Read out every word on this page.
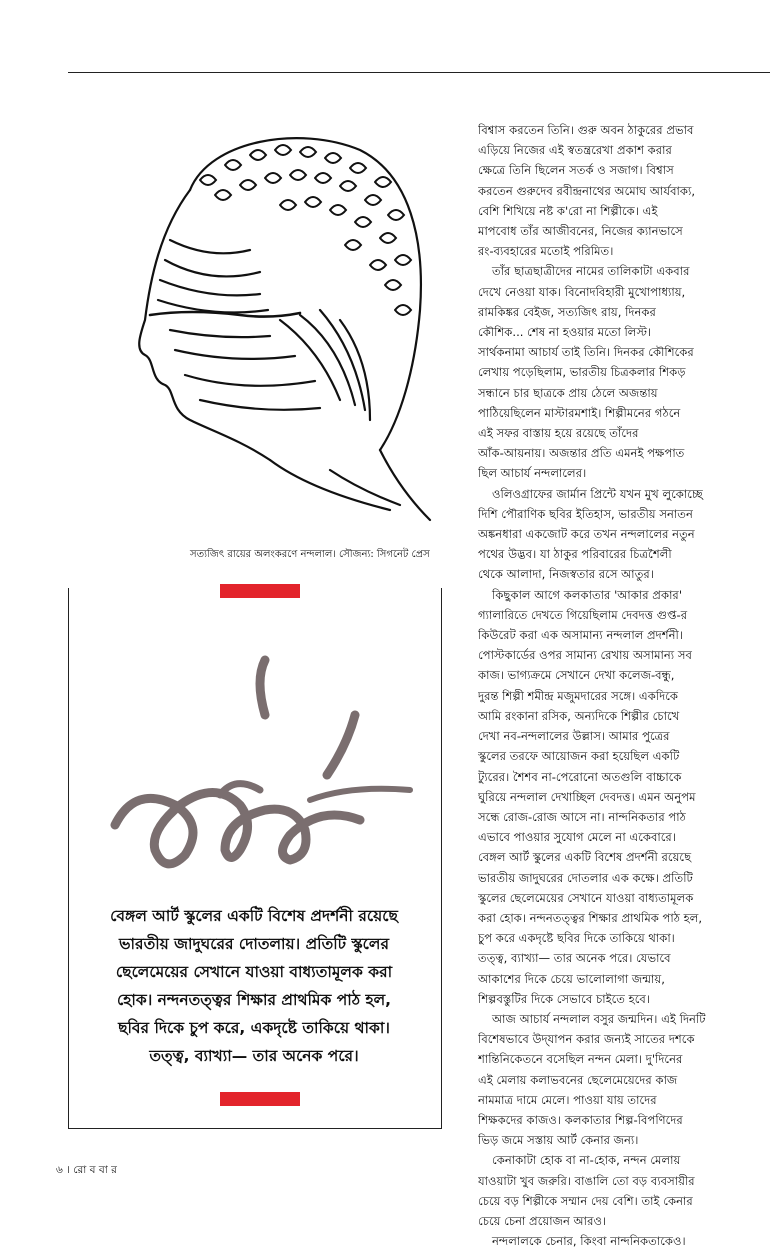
সত্যজিৎ রায়ের অলংকরণে নন্দলাল। সৌজন্য: সিগনেট প্রেস
বেঙ্গল আর্ট স্কুলের একটি বিশেষ প্রদর্শনী রয়েছে
ভারতীয় জাদুঘরের দোতলায়। প্রতিটি স্কুলের
ছেলেমেয়ের সেখানে যাওয়া বাধ্যতামূলক করা
হোক। নন্দনতত্ত্বর শিক্ষার প্রাথমিক পাঠ হল,
ছবির দিকে চুপ করে, একদৃষ্টে তাকিয়ে থাকা।
তত্ত্ব, ব্যাখ্যা— তার অনেক পরে।
বিশ্বাস করতেন তিনি। গুরু অবন ঠাকুরের প্রভাব
এড়িয়ে নিজের এই স্বতন্ত্ররেখা প্রকাশ করার
ক্ষেত্রে তিনি ছিলেন সতর্ক ও সজাগ। বিশ্বাস
করতেন গুরুদেব রবীন্দ্রনাথের অমোঘ আর্যবাক্য,
বেশি শিখিয়ে নষ্ট ক'রো না শিল্পীকে। এই
মাপবোধ তাঁর আজীবনের, নিজের ক্যানভাসে
রং-ব্যবহারের মতোই পরিমিত।
তাঁর ছাত্রছাত্রীদের নামের তালিকাটা একবার
দেখে নেওয়া যাক। বিনোদবিহারী মুখোপাধ্যায়,
রামকিঙ্কর বেইজ, সত্যজিৎ রায়, দিনকর
কৌশিক... শেষ না হওয়ার মতো লিস্ট।
সার্থকনামা আচার্য তাই তিনি। দিনকর কৌশিকের
লেখায় পড়েছিলাম, ভারতীয় চিত্রকলার শিকড়
সন্ধানে চার ছাত্রকে প্রায় ঠেলে অজন্তায়
পাঠিয়েছিলেন মাস্টারমশাই। শিল্পীমনের গঠনে
এই সফর বাস্তায় হয়ে রয়েছে তাঁদের
আঁক-আয়নায়। অজন্তার প্রতি এমনই পক্ষপাত
ছিল আচার্য নন্দলালের।
ওলিওগ্রাফের জার্মান প্রিন্টে যখন মুখ লুকোচ্ছে
দিশি পৌরাণিক ছবির ইতিহাস, ভারতীয় সনাতন
অঙ্কনধারা একজোট করে তখন নন্দলালের নতুন
পথের উদ্ভব। যা ঠাকুর পরিবারের চিত্রশৈলী
থেকে আলাদা, নিজস্বতার রসে আতুর।
কিছুকাল আগে কলকাতার 'আকার প্রকার'
গ্যালারিতে দেখতে গিয়েছিলাম দেবদত্ত গুপ্ত-র
কিউরেট করা এক অসামান্য নন্দলাল প্রদর্শনী।
পোস্টকার্ডের ওপর সামান্য রেখায় অসামান্য সব
কাজ। ভাগ্যক্রমে সেখানে দেখা কলেজ-বন্ধু,
দুরন্ত শিল্পী শমীন্দ্র মজুমদারের সঙ্গে। একদিকে
আমি রংকানা রসিক, অন্যদিকে শিল্পীর চোখে
দেখা নব-নন্দলালের উল্লাস। আমার পুত্রের
স্কুলের তরফে আয়োজন করা হয়েছিল একটি
ট্যুরের। শৈশব না-পেরোনো অতগুলি বাচ্চাকে
ঘুরিয়ে নন্দলাল দেখাচ্ছিল দেবদত্ত। এমন অনুপম
সন্ধে রোজ-রোজ আসে না। নান্দনিকতার পাঠ
এভাবে পাওয়ার সুযোগ মেলে না একেবারে।
বেঙ্গল আর্ট স্কুলের একটি বিশেষ প্রদর্শনী রয়েছে
ভারতীয় জাদুঘরের দোতলার এক কক্ষে। প্রতিটি
স্কুলের ছেলেমেয়ের সেখানে যাওয়া বাধ্যতামূলক
করা হোক। নন্দনতত্ত্বর শিক্ষার প্রাথমিক পাঠ হল,
চুপ করে একদৃষ্টে ছবির দিকে তাকিয়ে থাকা।
তত্ত্ব, ব্যাখ্যা— তার অনেক পরে। যেভাবে
আকাশের দিকে চেয়ে ভালোলাগা জন্মায়,
শিল্পবস্তুটির দিকে সেভাবে চাইতে হবে।
আজ আচার্য নন্দলাল বসুর জন্মদিন। এই দিনটি
বিশেষভাবে উদ্‌যাপন করার জন্যই সাতের দশকে
শান্তিনিকেতনে বসেছিল নন্দন মেলা। দু'দিনের
এই মেলায় কলাভবনের ছেলেমেয়েদের কাজ
নামমাত্র দামে মেলে। পাওয়া যায় তাদের
শিক্ষকদের কাজও। কলকাতার শিল্প-বিপণিদের
ভিড় জমে সস্তায় আর্ট কেনার জন্য।
কেনাকাটা হোক বা না-হোক, নন্দন মেলায়
যাওয়াটা খুব জরুরি। বাঙালি তো বড় ব্যবসায়ীর
চেয়ে বড় শিল্পীকে সম্মান দেয় বেশি। তাই কেনার
চেয়ে চেনা প্রয়োজন আরও।
নন্দলালকে চেনার, কিংবা নান্দনিকতাকেও।
৬ । রো ব বা র
